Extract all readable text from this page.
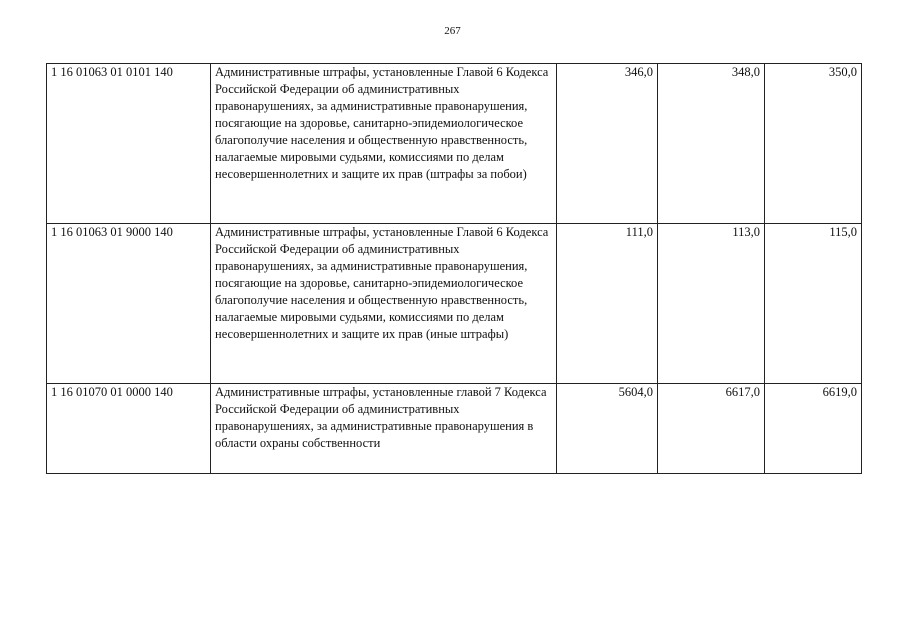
267
1 16 01063 01 0101 140	Административные штрафы, установленные Главой 6 Кодекса Российской Федерации об административных правонарушениях, за административные правонарушения, посягающие на здоровье, санитарно-эпидемиологическое благополучие населения и общественную нравственность, налагаемые мировыми судьями, комиссиями по делам несовершеннолетних и защите их прав (штрафы за побои)	346,0	348,0	350,0
1 16 01063 01 9000 140	Административные штрафы, установленные Главой 6 Кодекса Российской Федерации об административных правонарушениях, за административные правонарушения, посягающие на здоровье, санитарно-эпидемиологическое благополучие населения и общественную нравственность, налагаемые мировыми судьями, комиссиями по делам несовершеннолетних и защите их прав (иные штрафы)	111,0	113,0	115,0
1 16 01070 01 0000 140	Административные штрафы, установленные главой 7 Кодекса Российской Федерации об административных правонарушениях, за административные правонарушения в области охраны собственности	5604,0	6617,0	6619,0
